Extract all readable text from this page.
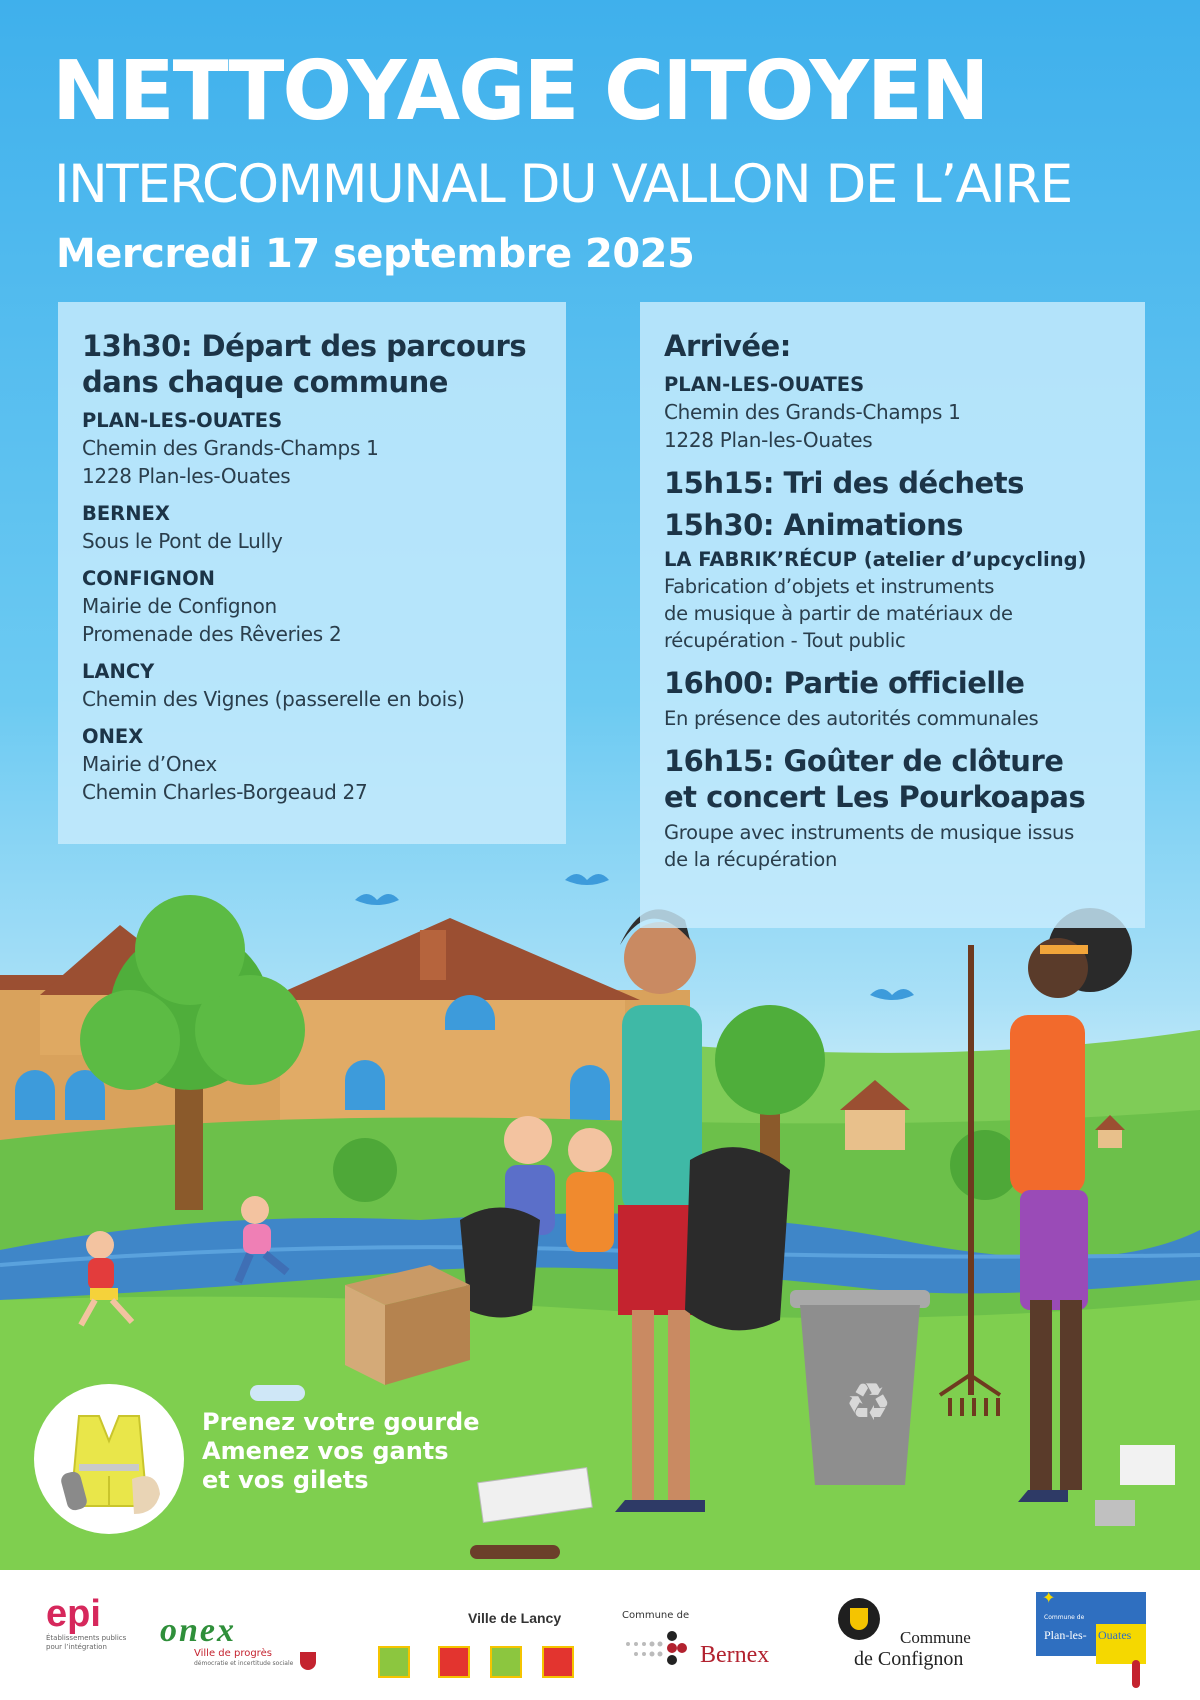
♻
NETTOYAGE CITOYEN
INTERCOMMUNAL DU VALLON DE L’AIRE
Mercredi 17 septembre 2025
13h30: Départ des parcours
dans chaque commune
PLAN-LES-OUATES
Chemin des Grands-Champs 1
1228 Plan-les-Ouates
BERNEX
Sous le Pont de Lully
CONFIGNON
Mairie de Confignon
Promenade des Rêveries 2
LANCY
Chemin des Vignes (passerelle en bois)
ONEX
Mairie d’Onex
Chemin Charles-Borgeaud 27
Arrivée:
PLAN-LES-OUATES
Chemin des Grands-Champs 1
1228 Plan-les-Ouates
15h15: Tri des déchets
15h30: Animations
LA FABRIK’RÉCUP (atelier d’upcycling)
Fabrication d’objets et instruments
de musique à partir de matériaux de
récupération - Tout public
16h00: Partie officielle
En présence des autorités communales
16h15: Goûter de clôture
et concert Les Pourkoapas
Groupe avec instruments de musique issus
de la récupération
Prenez votre gourde
Amenez vos gants
et vos gilets
epi
Établissements publics
pour l’intégration	onex
Ville de progrès
démocratie et incertitude sociale
Ville de Lancy	Commune de
Bernex
Commune
de Confignon
Commune de
Plan-les- Ouates
✦
